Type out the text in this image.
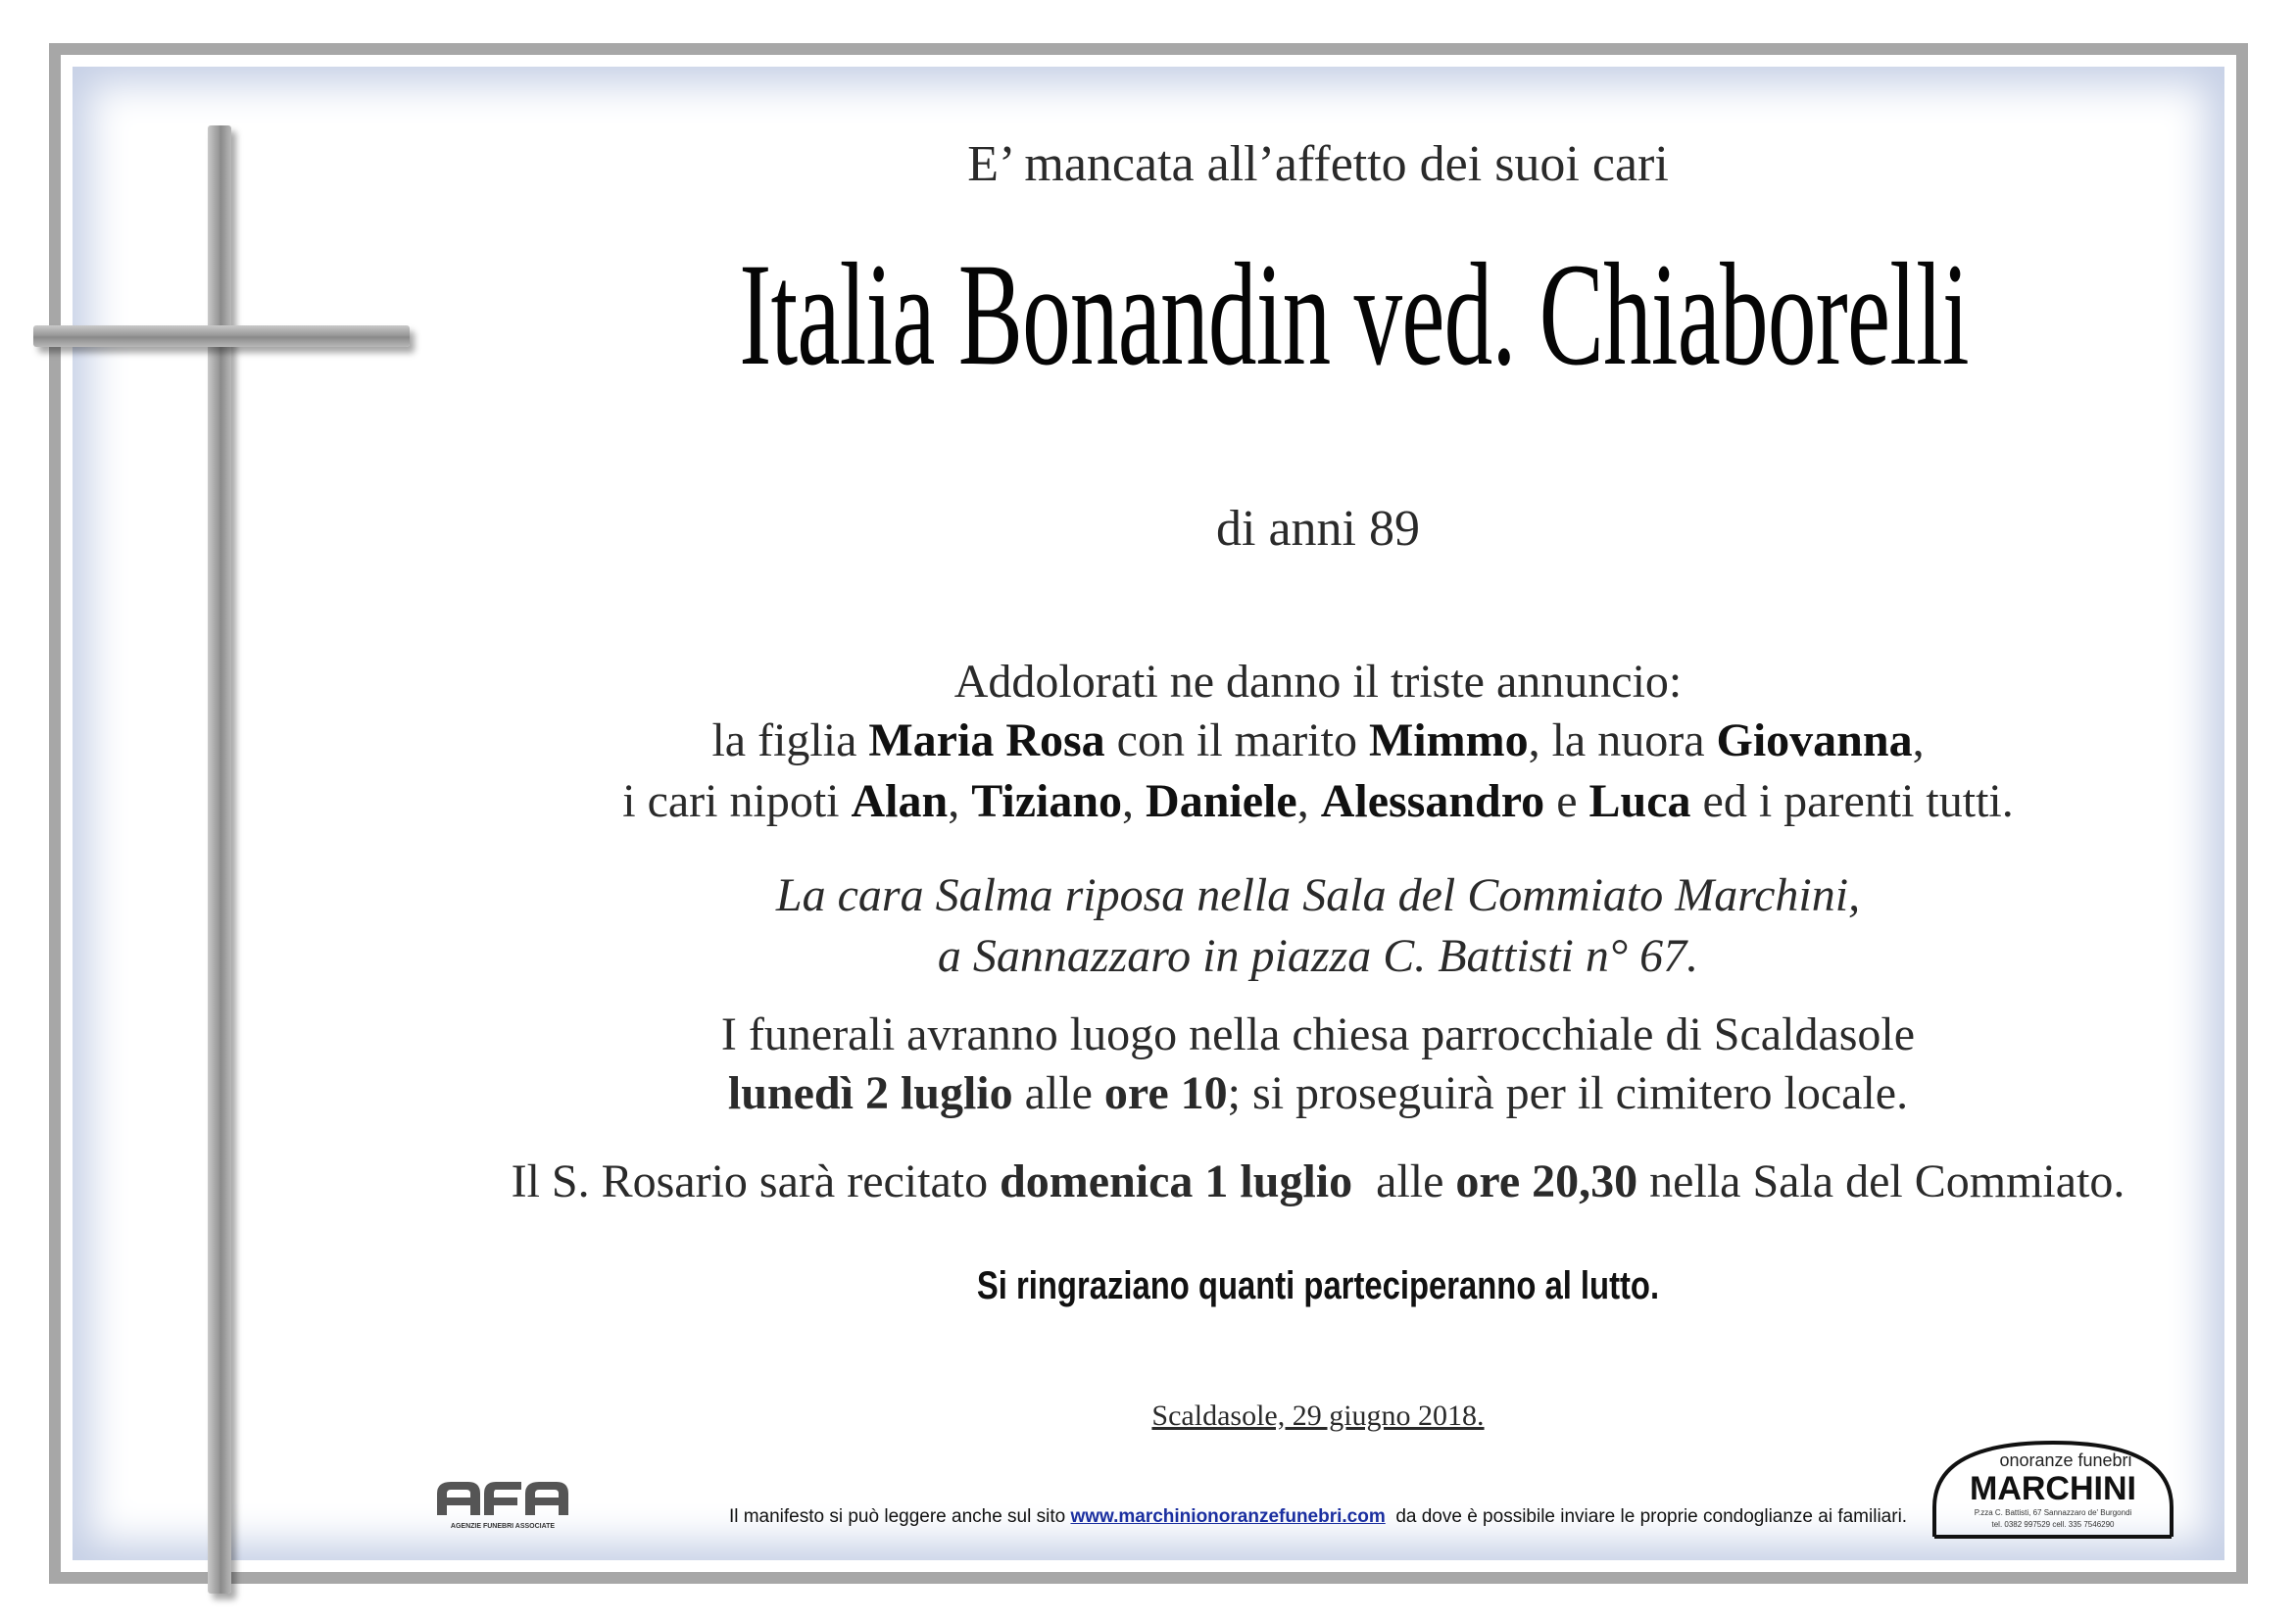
E’ mancata all’affetto dei suoi cari
Italia Bonandin ved. Chiaborelli
di anni 89
Addolorati ne danno il triste annuncio:
la figlia Maria Rosa con il marito Mimmo, la nuora Giovanna,
i cari nipoti Alan, Tiziano, Daniele, Alessandro e Luca ed i parenti tutti.
La cara Salma riposa nella Sala del Commiato Marchini,
a Sannazzaro in piazza C. Battisti n° 67.
I funerali avranno luogo nella chiesa parrocchiale di Scaldasole
lunedì 2 luglio alle ore 10; si proseguirà per il cimitero locale.
Il S. Rosario sarà recitato domenica 1 luglio  alle ore 20,30 nella Sala del Commiato.
Si ringraziano quanti parteciperanno al lutto.
Scaldasole, 29 giugno 2018.
AGENZIE FUNEBRI ASSOCIATE	Il manifesto si può leggere anche sul sito www.marchinionoranzefunebri.com  da dove è possibile inviare le proprie condoglianze ai familiari.
onoranze funebri
MARCHINI
P.zza C. Battisti, 67 Sannazzaro de' Burgondi
tel. 0382 997529 cell. 335 7546290
